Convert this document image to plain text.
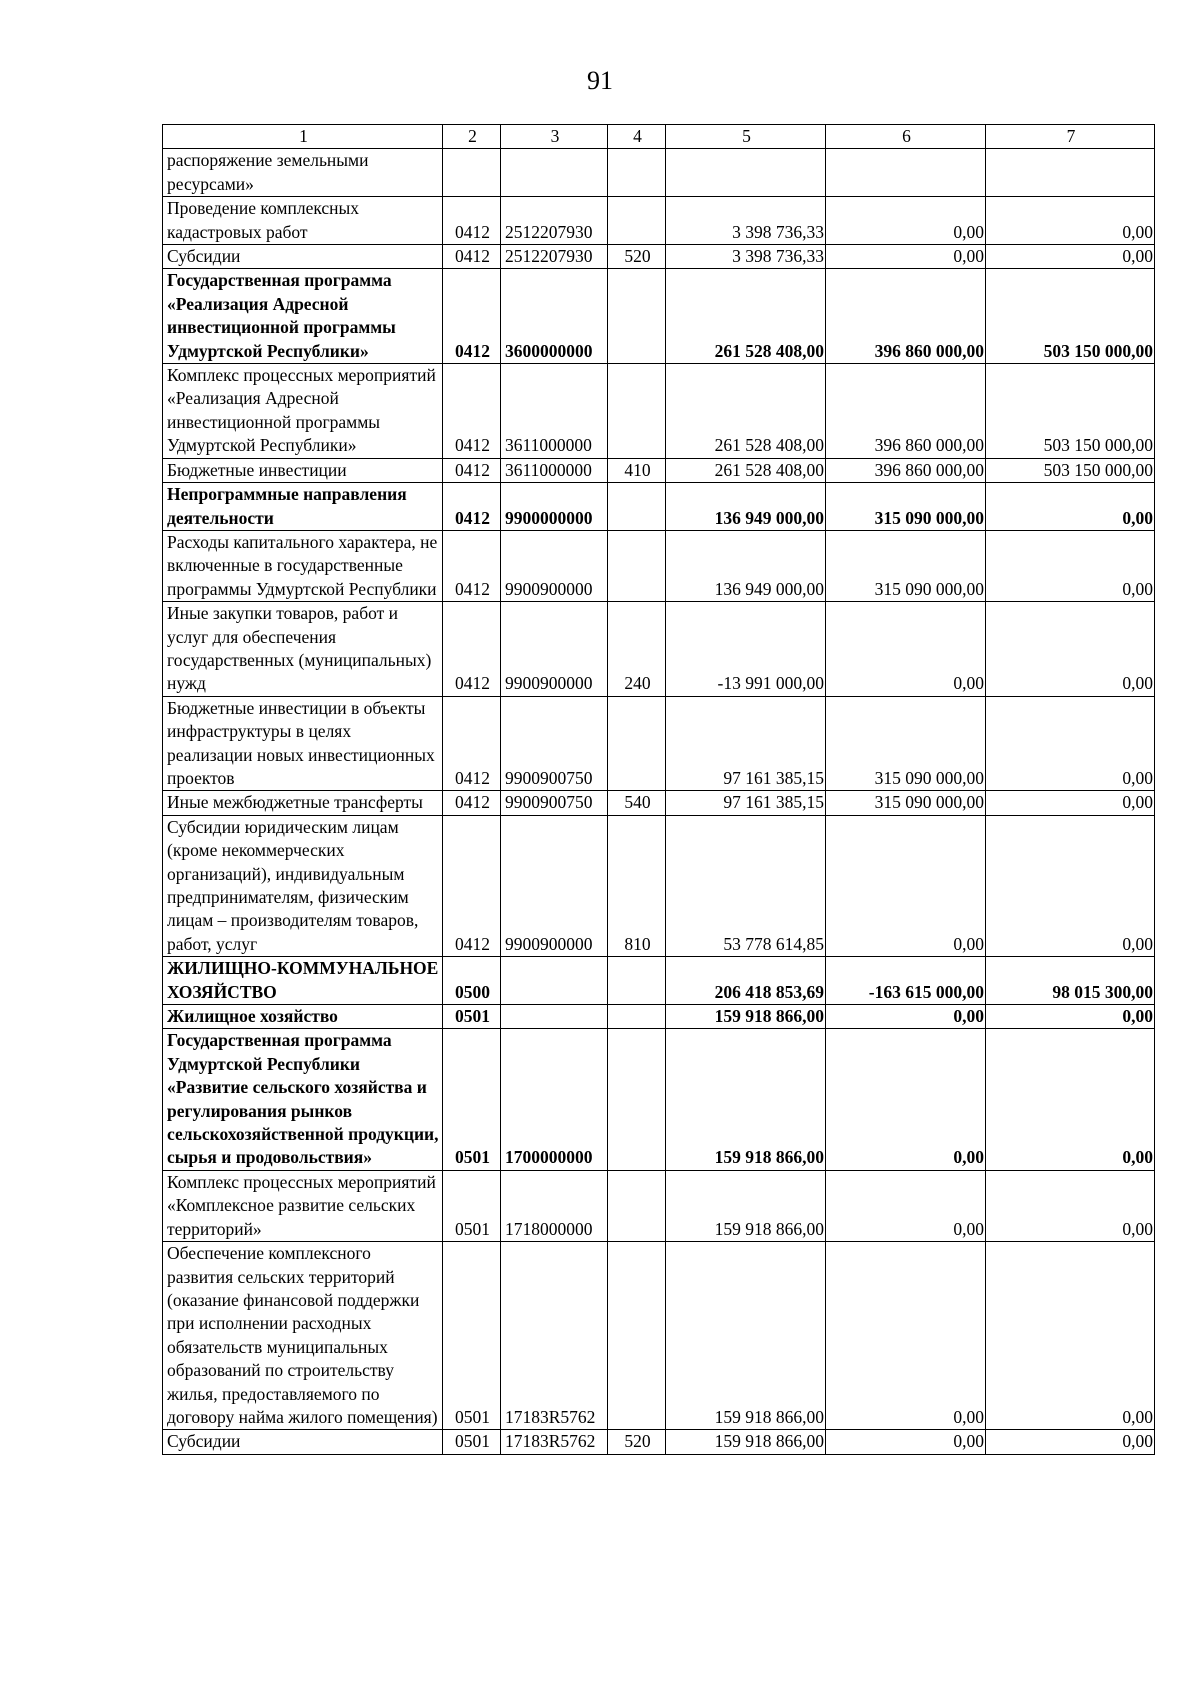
91
1	2	3	4	5	6	7
распоряжение земельными ресурсами»						
Проведение комплексных кадастровых работ	0412	2512207930		3 398 736,33	0,00	0,00
Субсидии	0412	2512207930	520	3 398 736,33	0,00	0,00
Государственная программа «Реализация Адресной инвестиционной программы Удмуртской Республики»	0412	3600000000		261 528 408,00	396 860 000,00	503 150 000,00
Комплекс процессных мероприятий «Реализация Адресной инвестиционной программы Удмуртской Республики»	0412	3611000000		261 528 408,00	396 860 000,00	503 150 000,00
Бюджетные инвестиции	0412	3611000000	410	261 528 408,00	396 860 000,00	503 150 000,00
Непрограммные направления деятельности	0412	9900000000		136 949 000,00	315 090 000,00	0,00
Расходы капитального характера, не включенные в государственные программы Удмуртской Республики	0412	9900900000		136 949 000,00	315 090 000,00	0,00
Иные закупки товаров, работ и услуг для обеспечения государственных (муниципальных) нужд	0412	9900900000	240	-13 991 000,00	0,00	0,00
Бюджетные инвестиции в объекты инфраструктуры в целях реализации новых инвестиционных проектов	0412	9900900750		97 161 385,15	315 090 000,00	0,00
Иные межбюджетные трансферты	0412	9900900750	540	97 161 385,15	315 090 000,00	0,00
Субсидии юридическим лицам (кроме некоммерческих организаций), индивидуальным предпринимателям, физическим лицам – производителям товаров, работ, услуг	0412	9900900000	810	53 778 614,85	0,00	0,00
ЖИЛИЩНО-КОММУНАЛЬНОЕ ХОЗЯЙСТВО	0500			206 418 853,69	-163 615 000,00	98 015 300,00
Жилищное хозяйство	0501			159 918 866,00	0,00	0,00
Государственная программа Удмуртской Республики «Развитие сельского хозяйства и регулирования рынков сельскохозяйственной продукции, сырья и продовольствия»	0501	1700000000		159 918 866,00	0,00	0,00
Комплекс процессных мероприятий «Комплексное развитие сельских территорий»	0501	1718000000		159 918 866,00	0,00	0,00
Обеспечение комплексного развития сельских территорий (оказание финансовой поддержки при исполнении расходных обязательств муниципальных образований по строительству жилья, предоставляемого по договору найма жилого помещения)	0501	17183R5762		159 918 866,00	0,00	0,00
Субсидии	0501	17183R5762	520	159 918 866,00	0,00	0,00
